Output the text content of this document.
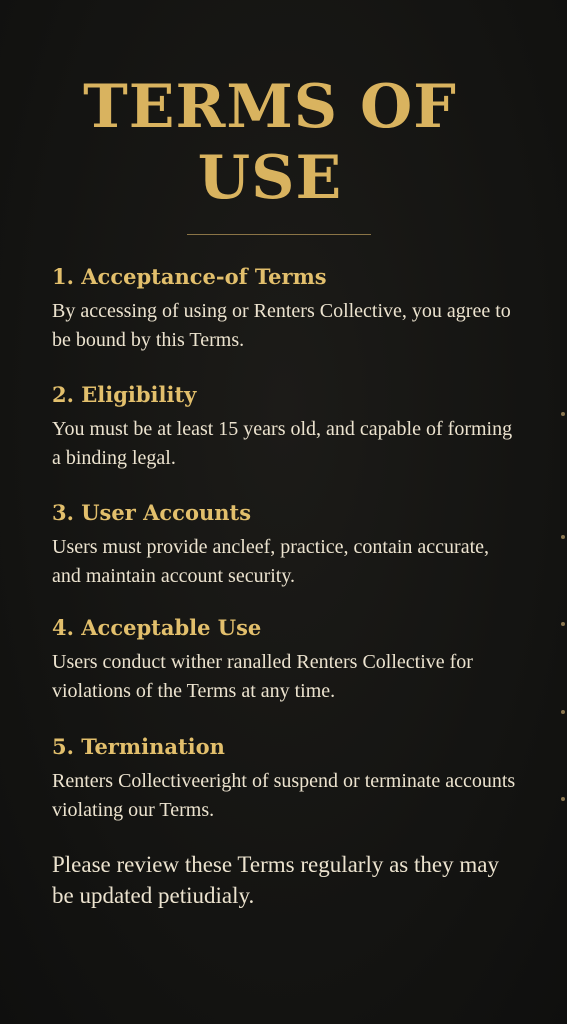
TERMS OF
USE
1. Acceptance-of Terms

By accessing of using or Renters Collective, you agree to be bound by this Terms.

2. Eligibility

You must be at least 15 years old, and capable of forming a binding legal.

3. User Accounts

Users must provide ancleef, practice, contain accurate, and maintain account security.

4. Acceptable Use

Users conduct wither ranalled Renters Collective for violations of the Terms at any time.

5. Termination

Renters Collectiveeright of suspend or terminate accounts violating our Terms.

Please review these Terms regularly as they may be updated petiudialy.
